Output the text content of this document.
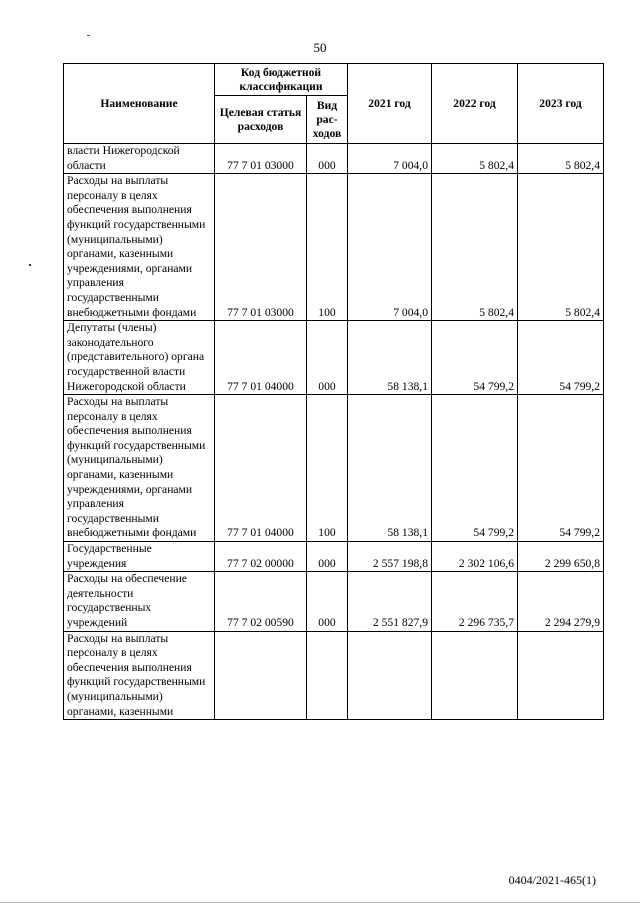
50
Наименование	Код бюджетной классификации		2021 год	2022 год	2023 год
	Целевая статья расходов	Вид рас-ходов			
власти Нижегородской области	77 7 01 03000	000	7 004,0	5 802,4	5 802,4
Расходы на выплаты персоналу в целях обеспечения выполнения функций государственными (муниципальными) органами, казенными учреждениями, органами управления государственными внебюджетными фондами	77 7 01 03000	100	7 004,0	5 802,4	5 802,4
Депутаты (члены) законодательного (представительного) органа государственной власти Нижегородской области	77 7 01 04000	000	58 138,1	54 799,2	54 799,2
Расходы на выплаты персоналу в целях обеспечения выполнения функций государственными (муниципальными) органами, казенными учреждениями, органами управления государственными внебюджетными фондами	77 7 01 04000	100	58 138,1	54 799,2	54 799,2
Государственные учреждения	77 7 02 00000	000	2 557 198,8	2 302 106,6	2 299 650,8
Расходы на обеспечение деятельности государственных учреждений	77 7 02 00590	000	2 551 827,9	2 296 735,7	2 294 279,9
Расходы на выплаты персоналу в целях обеспечения выполнения функций государственными (муниципальными) органами, казенными					
0404/2021-465(1)
